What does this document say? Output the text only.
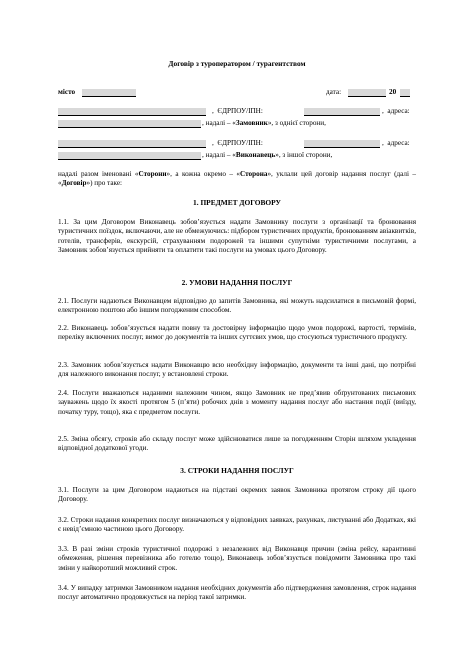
Договір з туроператором / турагентством
місто	дата:	20
,  ЄДРПОУ/ІПН:	,  адреса:
, надалі – «Замовник», з однієї сторони,
,  ЄДРПОУ/ІПН:	,  адреса:
, надалі – «Виконавець», з іншої сторони,
надалі разом іменовані «Сторони», а кожна окремо – «Сторона», уклали цей договір надання послуг (далі – «Договір») про таке:
1. ПРЕДМЕТ ДОГОВОРУ
1.1. За цим Договором Виконавець зобов’язується надати Замовнику послуги з організації та бронювання туристичних поїздок, включаючи, але не обмежуючись: підбором туристичних продуктів, бронюванням авіаквитків, готелів, трансферів, екскурсій, страхуванням подорожей та іншими супутніми туристичними послугами, а Замовник зобов’язується прийняти та оплатити такі послуги на умовах цього Договору.
2. УМОВИ НАДАННЯ ПОСЛУГ
2.1. Послуги надаються Виконавцем відповідно до запитів Замовника, які можуть надсилатися в письмовій формі, електронною поштою або іншим погодженим способом.
2.2. Виконавець зобов’язується надати повну та достовірну інформацію щодо умов подорожі, вартості, термінів, переліку включених послуг, вимог до документів та інших суттєвих умов, що стосуються туристичного продукту.
2.3. Замовник зобов’язується надати Виконавцю всю необхідну інформацію, документи та інші дані, що потрібні для належного виконання послуг, у встановлені строки.
2.4. Послуги вважаються наданими належним чином, якщо Замовник не пред’явив обґрунтованих письмових зауважень щодо їх якості протягом 5 (п’яти) робочих днів з моменту надання послуг або настання події (виїзду, початку туру, тощо), яка є предметом послуги.
2.5. Зміна обсягу, строків або складу послуг може здійснюватися лише за погодженням Сторін шляхом укладення відповідної додаткової угоди.
3. СТРОКИ НАДАННЯ ПОСЛУГ
3.1. Послуги за цим Договором надаються на підставі окремих заявок Замовника протягом строку дії цього Договору.
3.2. Строки надання конкретних послуг визначаються у відповідних заявках, рахунках, листуванні або Додатках, які є невід’ємною частиною цього Договору.
3.3. В разі зміни строків туристичної подорожі з незалежних від Виконавця причин (зміна рейсу, карантинні обмеження, рішення перевізника або готелю тощо), Виконавець зобов’язується повідомити Замовника про такі зміни у найкоротший можливий строк.
3.4. У випадку затримки Замовником надання необхідних документів або підтвердження замовлення, строк надання послуг автоматично продовжується на період такої затримки.
